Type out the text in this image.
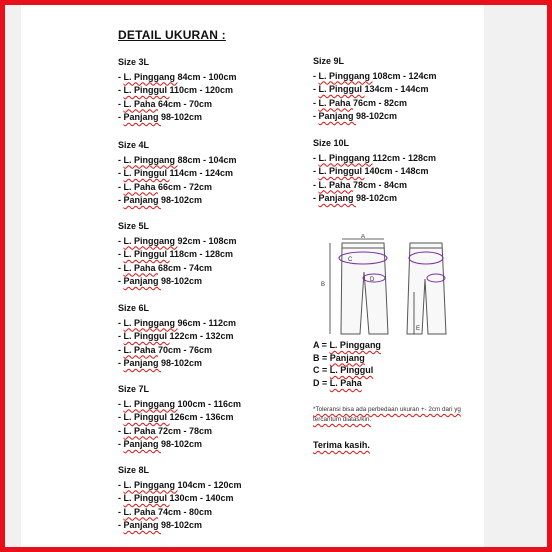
DETAIL UKURAN :
Size 3L
- L. Pinggang 84cm - 100cm
- L. Pinggul 110cm - 120cm
- L. Paha 64cm - 70cm
- Panjang 98-102cm
Size 4L
- L. Pinggang 88cm - 104cm
- L. Pinggul 114cm - 124cm
- L. Paha 66cm - 72cm
- Panjang 98-102cm
Size 5L
- L. Pinggang 92cm - 108cm
- L. Pinggul 118cm - 128cm
- L. Paha 68cm - 74cm
- Panjang 98-102cm
Size 6L
- L. Pinggang 96cm - 112cm
- L. Pinggul 122cm - 132cm
- L. Paha 70cm - 76cm
- Panjang 98-102cm
Size 7L
- L. Pinggang 100cm - 116cm
- L. Pinggul 126cm - 136cm
- L. Paha 72cm - 78cm
- Panjang 98-102cm
Size 8L
- L. Pinggang 104cm - 120cm
- L. Pinggul 130cm - 140cm
- L. Paha 74cm - 80cm
- Panjang 98-102cm
Size 9L
- L. Pinggang 108cm - 124cm
- L. Pinggul 134cm - 144cm
- L. Paha 76cm - 82cm
- Panjang 98-102cm
Size 10L
- L. Pinggang 112cm - 128cm
- L. Pinggul 140cm - 148cm
- L. Paha 78cm - 84cm
- Panjang 98-102cm
A
B
C
D
E
A = L. Pinggang
B = Panjang
C = L. Pinggul
D = L. Paha
*Toleransi bisa ada perbedaan ukuran +- 2cm dari yg tercantum diatas/kiri.
Terima kasih.
